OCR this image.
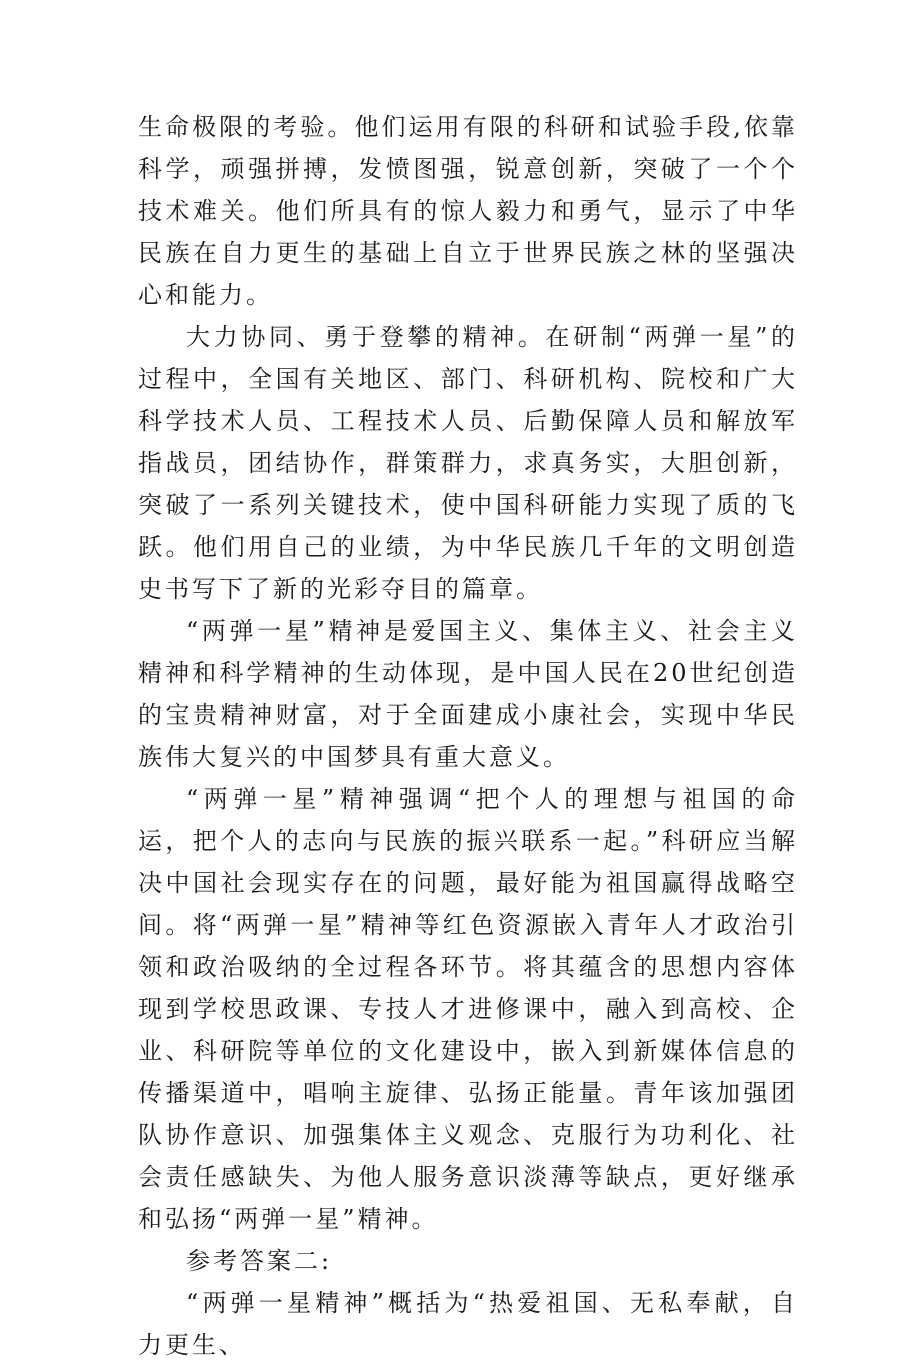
生命极限的考验。他们运用有限的科研和试验手段,依靠科学，顽强拼搏，发愤图强，锐意创新，突破了一个个技术难关。他们所具有的惊人毅力和勇气，显示了中华民族在自力更生的基础上自立于世界民族之林的坚强决心和能力。

大力协同、勇于登攀的精神。在研制“两弹一星”的过程中，全国有关地区、部门、科研机构、院校和广大科学技术人员、工程技术人员、后勤保障人员和解放军指战员，团结协作，群策群力，求真务实，大胆创新，突破了一系列关键技术，使中国科研能力实现了质的飞跃。他们用自己的业绩，为中华民族几千年的文明创造史书写下了新的光彩夺目的篇章。

“两弹一星”精神是爱国主义、集体主义、社会主义精神和科学精神的生动体现，是中国人民在20世纪创造的宝贵精神财富，对于全面建成小康社会，实现中华民族伟大复兴的中国梦具有重大意义。

“两弹一星”精神强调“把个人的理想与祖国的命运，把个人的志向与民族的振兴联系一起。”科研应当解决中国社会现实存在的问题，最好能为祖国赢得战略空间。将“两弹一星”精神等红色资源嵌入青年人才政治引领和政治吸纳的全过程各环节。将其蕴含的思想内容体现到学校思政课、专技人才进修课中，融入到高校、企业、科研院等单位的文化建设中，嵌入到新媒体信息的传播渠道中，唱响主旋律、弘扬正能量。青年该加强团队协作意识、加强集体主义观念、克服行为功利化、社会责任感缺失、为他人服务意识淡薄等缺点，更好继承和弘扬“两弹一星”精神。

参考答案二:

“两弹一星精神”概括为“热爱祖国、无私奉献，自力更生、
